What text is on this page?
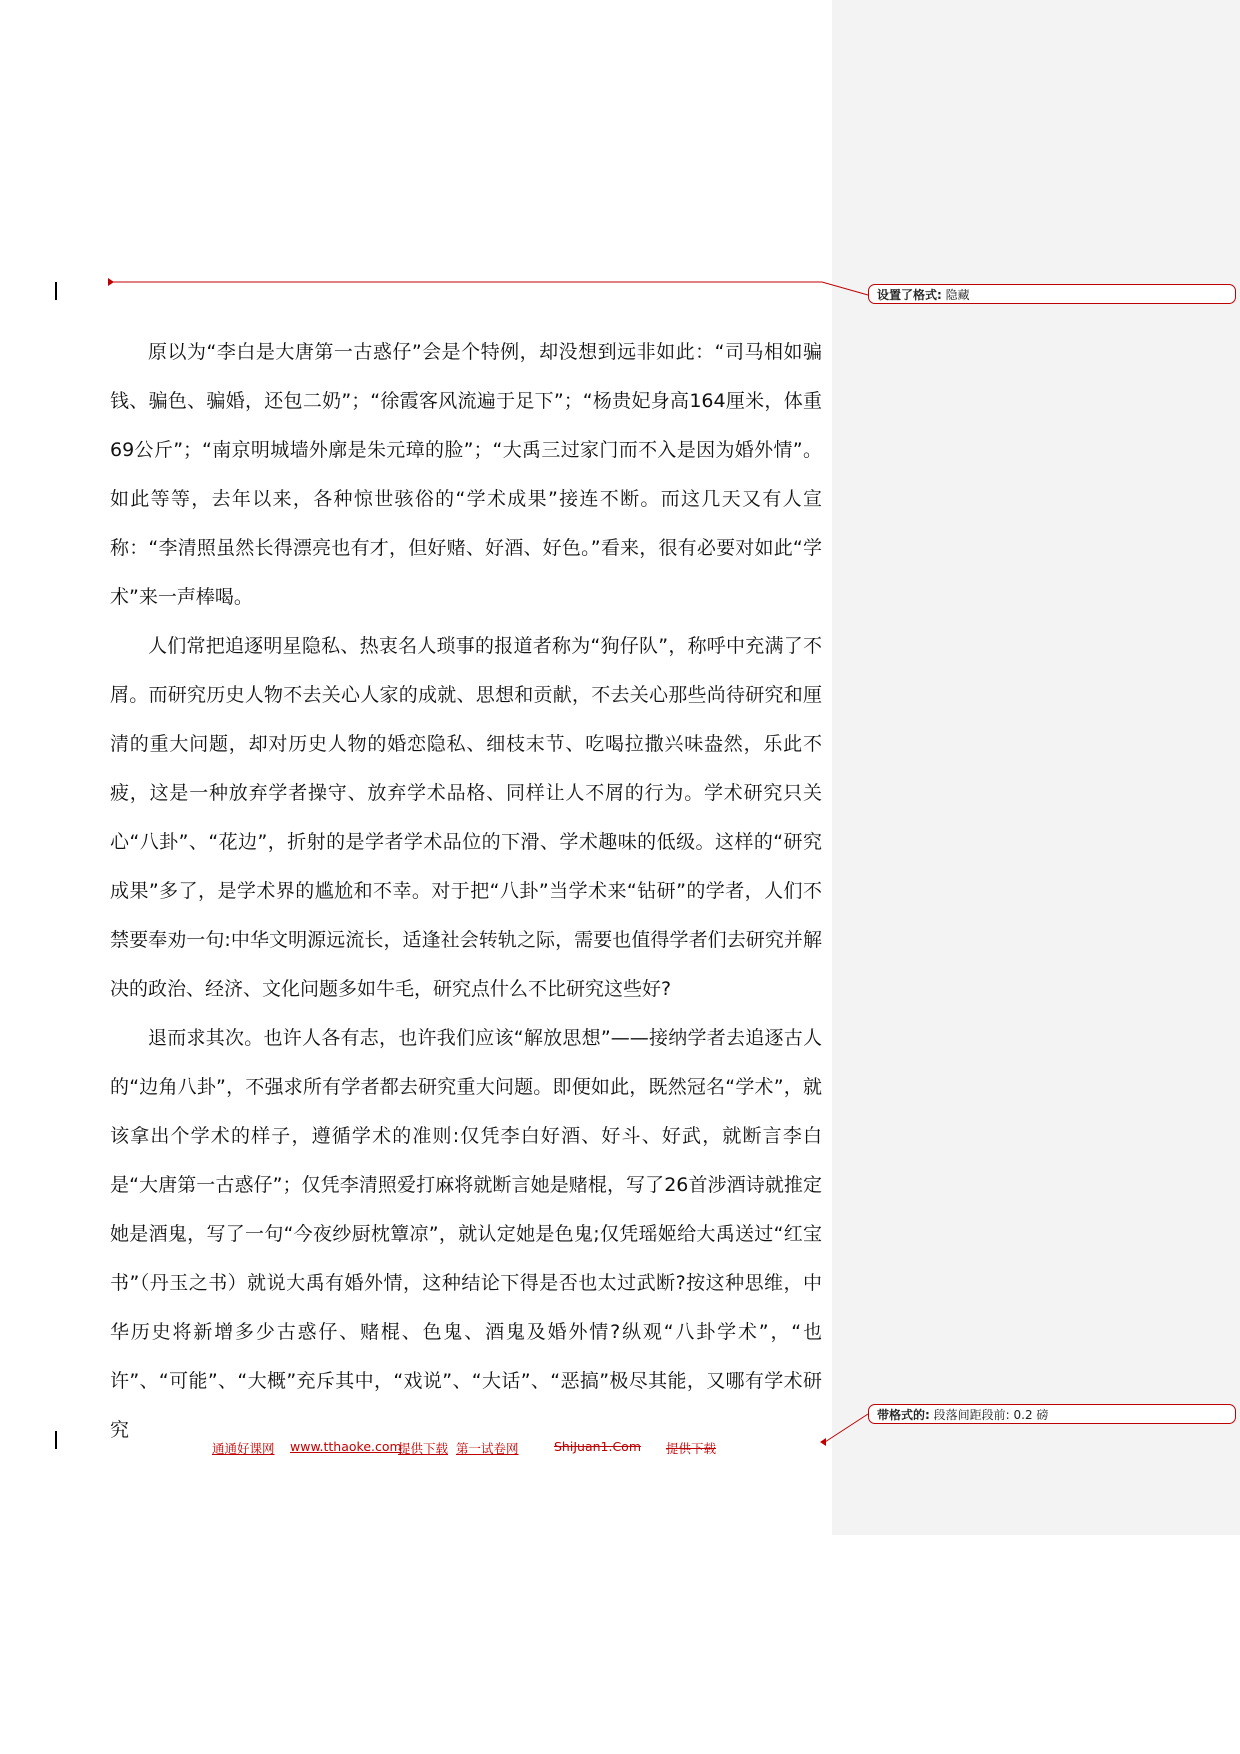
原以为“李白是大唐第一古惑仔”会是个特例，却没想到远非如此：“司马相如骗钱、骗色、骗婚，还包二奶”；“徐霞客风流遍于足下”；“杨贵妃身高164厘米，体重69公斤”；“南京明城墙外廓是朱元璋的脸”；“大禹三过家门而不入是因为婚外情”。如此等等，去年以来，各种惊世骇俗的“学术成果”接连不断。而这几天又有人宣称：“李清照虽然长得漂亮也有才，但好赌、好酒、好色。”看来，很有必要对如此“学术”来一声棒喝。

人们常把追逐明星隐私、热衷名人琐事的报道者称为“狗仔队”，称呼中充满了不屑。而研究历史人物不去关心人家的成就、思想和贡献，不去关心那些尚待研究和厘清的重大问题，却对历史人物的婚恋隐私、细枝末节、吃喝拉撒兴味盎然，乐此不疲，这是一种放弃学者操守、放弃学术品格、同样让人不屑的行为。学术研究只关心“八卦”、“花边”，折射的是学者学术品位的下滑、学术趣味的低级。这样的“研究成果”多了，是学术界的尴尬和不幸。对于把“八卦”当学术来“钻研”的学者，人们不禁要奉劝一句:中华文明源远流长，适逢社会转轨之际，需要也值得学者们去研究并解决的政治、经济、文化问题多如牛毛，研究点什么不比研究这些好?

退而求其次。也许人各有志，也许我们应该“解放思想”——接纳学者去追逐古人的“边角八卦”，不强求所有学者都去研究重大问题。即便如此，既然冠名“学术”，就该拿出个学术的样子，遵循学术的准则:仅凭李白好酒、好斗、好武，就断言李白是“大唐第一古惑仔”；仅凭李清照爱打麻将就断言她是赌棍，写了26首涉酒诗就推定她是酒鬼，写了一句“今夜纱厨枕簟凉”，就认定她是色鬼;仅凭瑶姬给大禹送过“红宝书”（丹玉之书）就说大禹有婚外情，这种结论下得是否也太过武断?按这种思维，中华历史将新增多少古惑仔、赌棍、色鬼、酒鬼及婚外情?纵观“八卦学术”，“也许”、“可能”、“大概”充斥其中，“戏说”、“大话”、“恶搞”极尽其能，又哪有学术研究

设置了格式: 隐藏
带格式的: 段落间距段前: 0.2 磅
通通好课网 www.tthaoke.com
提供下载 第一试卷网	ShiJuan1.Com 提供下载
